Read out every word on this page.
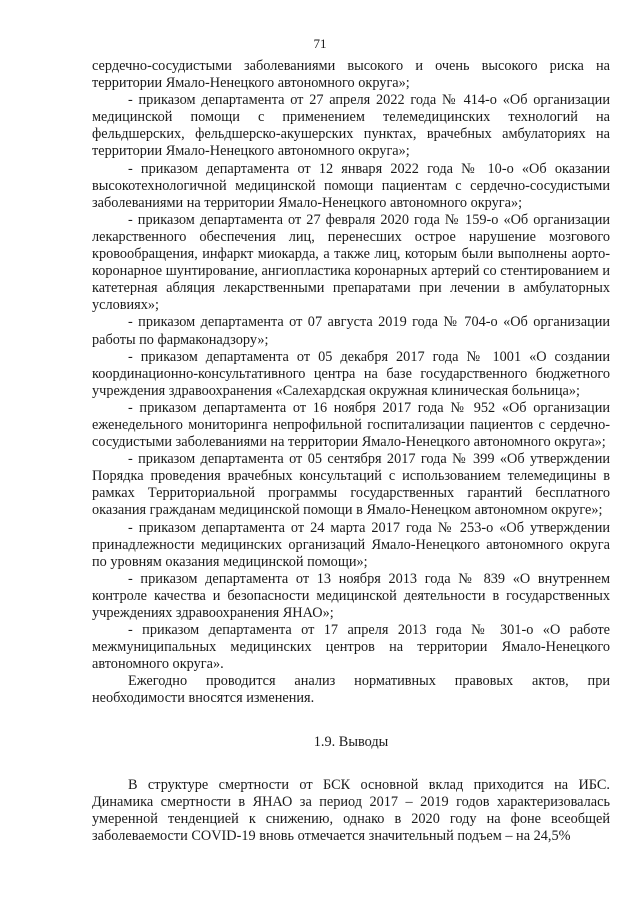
71

сердечно-сосудистыми заболеваниями высокого и очень высокого риска на территории Ямало-Ненецкого автономного округа»;

- приказом департамента от 27 апреля 2022 года № 414-о «Об организации медицинской помощи с применением телемедицинских технологий на фельдшерских, фельдшерско-акушерских пунктах, врачебных амбулаториях на территории Ямало-Ненецкого автономного округа»;

- приказом департамента от 12 января 2022 года № 10-о «Об оказании высокотехнологичной медицинской помощи пациентам с сердечно-сосудистыми заболеваниями на территории Ямало-Ненецкого автономного округа»;

- приказом департамента от 27 февраля 2020 года № 159-о «Об организации лекарственного обеспечения лиц, перенесших острое нарушение мозгового кровообращения, инфаркт миокарда, а также лиц, которым были выполнены аорто-коронарное шунтирование, ангиопластика коронарных артерий со стентированием и катетерная абляция лекарственными препаратами при лечении в амбулаторных условиях»;

- приказом департамента от 07 августа 2019 года № 704-о «Об организации работы по фармаконадзору»;

- приказом департамента от 05 декабря 2017 года № 1001 «О создании координационно-консультативного центра на базе государственного бюджетного учреждения здравоохранения «Салехардская окружная клиническая больница»;

- приказом департамента от 16 ноября 2017 года № 952 «Об организации еженедельного мониторинга непрофильной госпитализации пациентов с сердечно-сосудистыми заболеваниями на территории Ямало-Ненецкого автономного округа»;

- приказом департамента от 05 сентября 2017 года № 399 «Об утверждении Порядка проведения врачебных консультаций с использованием телемедицины в рамках Территориальной программы государственных гарантий бесплатного оказания гражданам медицинской помощи в Ямало-Ненецком автономном округе»;

- приказом департамента от 24 марта 2017 года № 253-о «Об утверждении принадлежности медицинских организаций Ямало-Ненецкого автономного округа по уровням оказания медицинской помощи»;

- приказом департамента от 13 ноября 2013 года № 839 «О внутреннем контроле качества и безопасности медицинской деятельности в государственных учреждениях здравоохранения ЯНАО»;

- приказом департамента от 17 апреля 2013 года № 301-о «О работе межмуниципальных медицинских центров на территории Ямало-Ненецкого автономного округа».

Ежегодно проводится анализ нормативных правовых актов, при необходимости вносятся изменения.

1.9. Выводы

В структуре смертности от БСК основной вклад приходится на ИБС. Динамика смертности в ЯНАО за период 2017 – 2019 годов характеризовалась умеренной тенденцией к снижению, однако в 2020 году на фоне всеобщей заболеваемости COVID-19 вновь отмечается значительный подъем – на 24,5%
